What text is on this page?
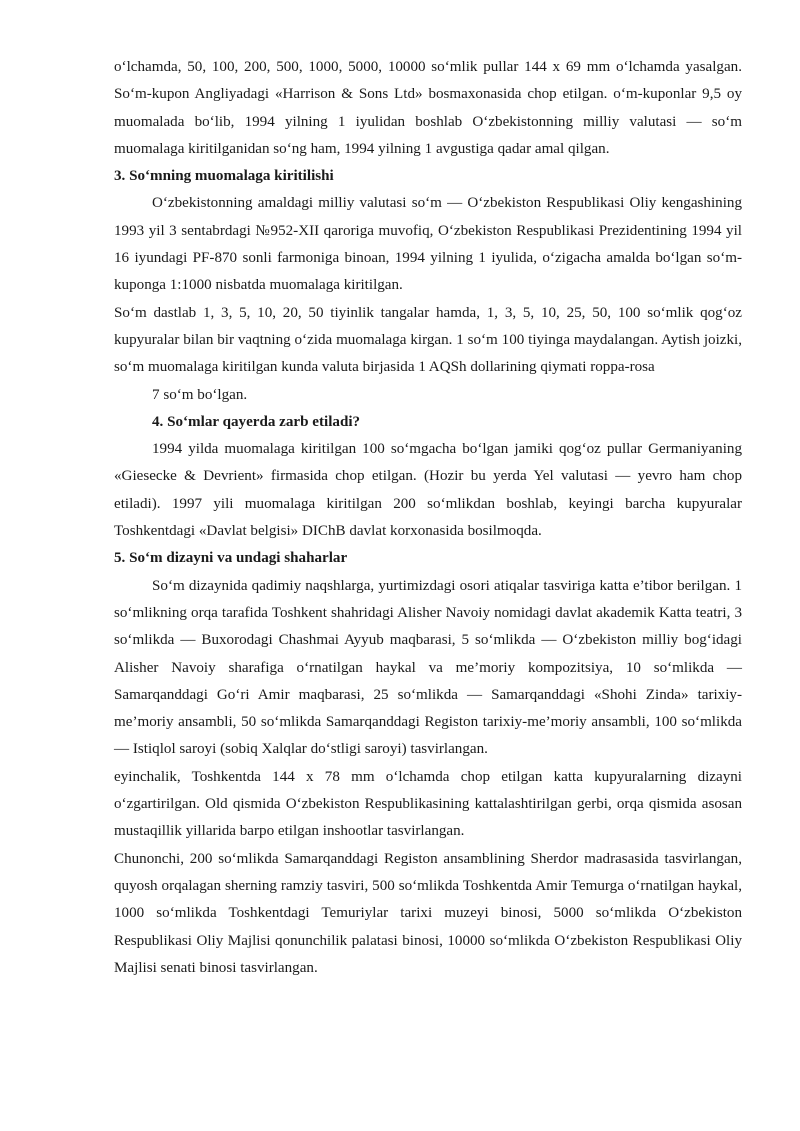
oʻlchamda, 50, 100, 200, 500, 1000, 5000, 10000 soʻmlik pullar 144 x 69 mm oʻlchamda yasalgan. Soʻm-kupon Angliyadagi «Harrison & Sons Ltd» bosmaxonasida chop etilgan. oʻm-kuponlar 9,5 oy muomalada boʻlib, 1994 yilning 1 iyulidan boshlab Oʻzbekistonning milliy valutasi — soʻm muomalaga kiritilganidan soʻng ham, 1994 yilning 1 avgustiga qadar amal qilgan.

3. Soʻmning muomalaga kiritilishi

Oʻzbekistonning amaldagi milliy valutasi soʻm — Oʻzbekiston Respublikasi Oliy kengashining 1993 yil 3 sentabrdagi №952-XII qaroriga muvofiq, Oʻzbekiston Respublikasi Prezidentining 1994 yil 16 iyundagi PF-870 sonli farmoniga binoan, 1994 yilning 1 iyulida, oʻzigacha amalda boʻlgan soʻm-kuponga 1:1000 nisbatda muomalaga kiritilgan.

Soʻm dastlab 1, 3, 5, 10, 20, 50 tiyinlik tangalar hamda, 1, 3, 5, 10, 25, 50, 100 soʻmlik qogʻoz kupyuralar bilan bir vaqtning oʻzida muomalaga kirgan. 1 soʻm 100 tiyinga maydalangan. Aytish joizki, soʻm muomalaga kiritilgan kunda valuta birjasida 1 AQSh dollarining qiymati roppa-rosa

7 soʻm boʻlgan.

4. Soʻmlar qayerda zarb etiladi?

1994 yilda muomalaga kiritilgan 100 soʻmgacha boʻlgan jamiki qogʻoz pullar Germaniyaning «Giesecke & Devrient» firmasida chop etilgan. (Hozir bu yerda Yel valutasi — yevro ham chop etiladi). 1997 yili muomalaga kiritilgan 200 soʻmlikdan boshlab, keyingi barcha kupyuralar Toshkentdagi «Davlat belgisi» DIChB davlat korxonasida bosilmoqda.

5. Soʻm dizayni va undagi shaharlar

Soʻm dizaynida qadimiy naqshlarga, yurtimizdagi osori atiqalar tasviriga katta e’tibor berilgan. 1 soʻmlikning orqa tarafida Toshkent shahridagi Alisher Navoiy nomidagi davlat akademik Katta teatri, 3 soʻmlikda — Buxorodagi Chashmai Ayyub maqbarasi, 5 soʻmlikda — Oʻzbekiston milliy bogʻidagi Alisher Navoiy sharafiga oʻrnatilgan haykal va me’moriy kompozitsiya, 10 soʻmlikda — Samarqanddagi Goʻri Amir maqbarasi, 25 soʻmlikda — Samarqanddagi «Shohi Zinda» tarixiy-me’moriy ansambli, 50 soʻmlikda Samarqanddagi Registon tarixiy-me’moriy ansambli, 100 soʻmlikda — Istiqlol saroyi (sobiq Xalqlar doʻstligi saroyi) tasvirlangan.

eyinchalik, Toshkentda 144 x 78 mm oʻlchamda chop etilgan katta kupyuralarning dizayni oʻzgartirilgan. Old qismida Oʻzbekiston Respublikasining kattalashtirilgan gerbi, orqa qismida asosan mustaqillik yillarida barpo etilgan inshootlar tasvirlangan.

Chunonchi, 200 soʻmlikda Samarqanddagi Registon ansamblining Sherdor madrasasida tasvirlangan, quyosh orqalagan sherning ramziy tasviri, 500 soʻmlikda Toshkentda Amir Temurga oʻrnatilgan haykal, 1000 soʻmlikda Toshkentdagi Temuriylar tarixi muzeyi binosi, 5000 soʻmlikda Oʻzbekiston Respublikasi Oliy Majlisi qonunchilik palatasi binosi, 10000 soʻmlikda Oʻzbekiston Respublikasi Oliy Majlisi senati binosi tasvirlangan.
